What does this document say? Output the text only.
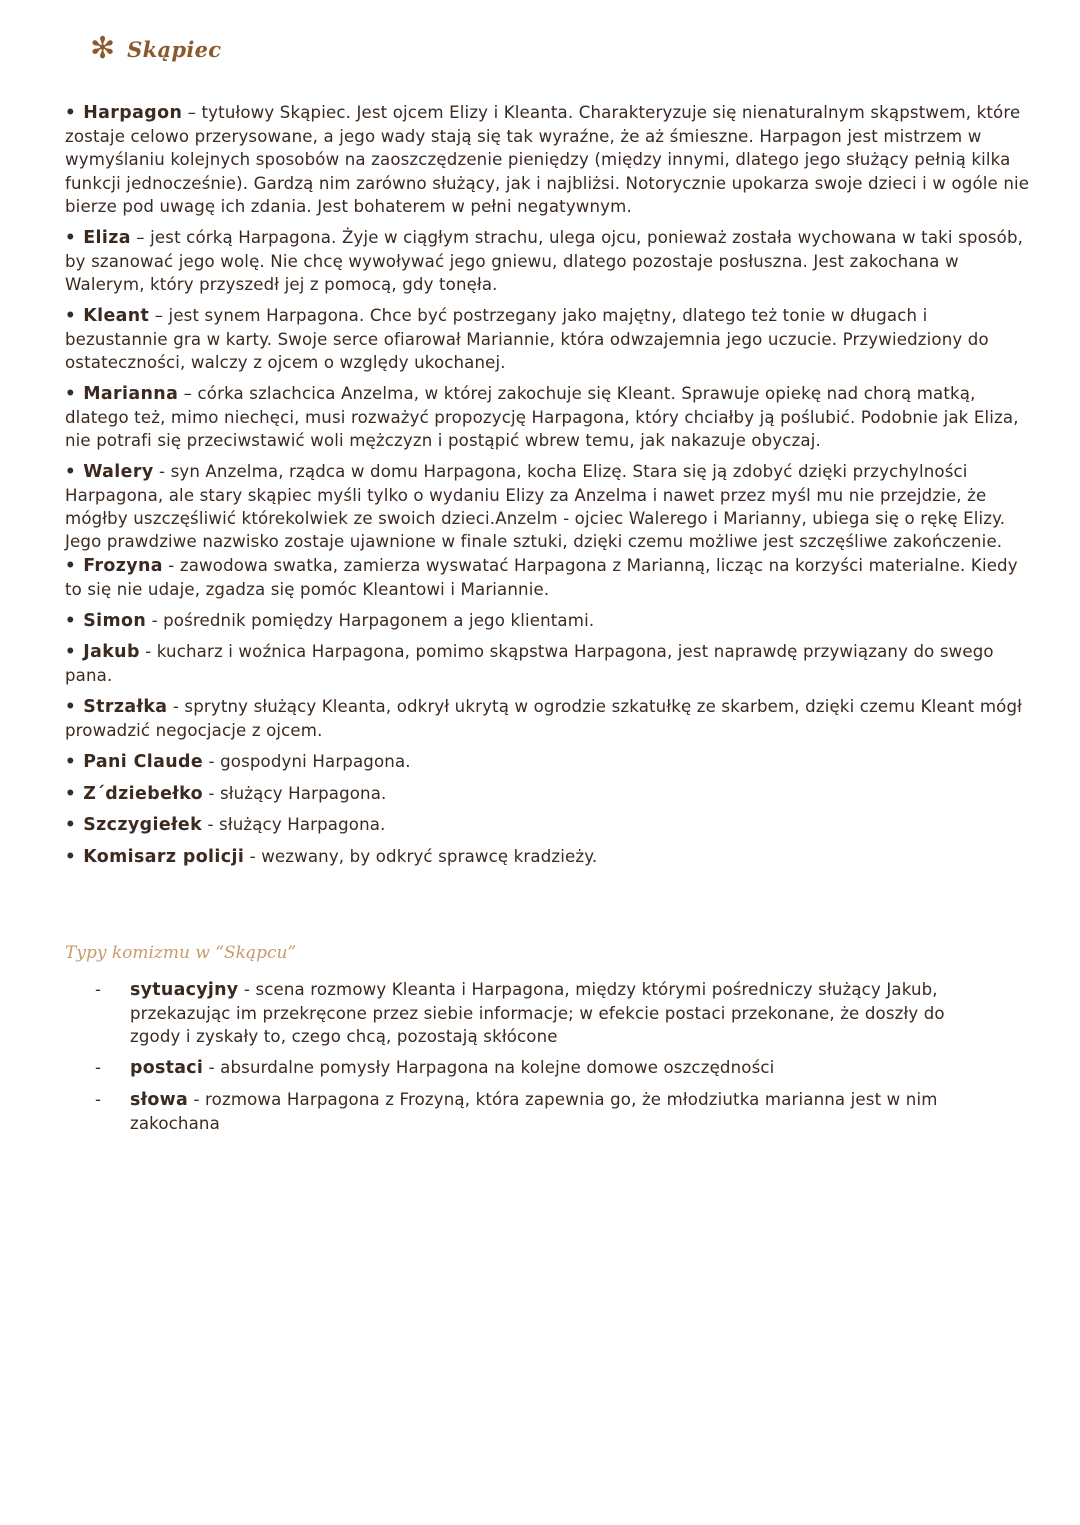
✻ Skąpiec

• Harpagon – tytułowy Skąpiec. Jest ojcem Elizy i Kleanta. Charakteryzuje się nienaturalnym skąpstwem, które zostaje celowo przerysowane, a jego wady stają się tak wyraźne, że aż śmieszne. Harpagon jest mistrzem w wymyślaniu kolejnych sposobów na zaoszczędzenie pieniędzy (między innymi, dlatego jego służący pełnią kilka funkcji jednocześnie). Gardzą nim zarówno służący, jak i najbliżsi. Notorycznie upokarza swoje dzieci i w ogóle nie bierze pod uwagę ich zdania. Jest bohaterem w pełni negatywnym.

• Eliza – jest córką Harpagona. Żyje w ciągłym strachu, ulega ojcu, ponieważ została wychowana w taki sposób, by szanować jego wolę. Nie chcę wywoływać jego gniewu, dlatego pozostaje posłuszna. Jest zakochana w Walerym, który przyszedł jej z pomocą, gdy tonęła.

• Kleant – jest synem Harpagona. Chce być postrzegany jako majętny, dlatego też tonie w długach i bezustannie gra w karty. Swoje serce ofiarował Mariannie, która odwzajemnia jego uczucie. Przywiedziony do ostateczności, walczy z ojcem o względy ukochanej.

• Marianna – córka szlachcica Anzelma, w której zakochuje się Kleant. Sprawuje opiekę nad chorą matką, dlatego też, mimo niechęci, musi rozważyć propozycję Harpagona, który chciałby ją poślubić. Podobnie jak Eliza, nie potrafi się przeciwstawić woli mężczyzn i postąpić wbrew temu, jak nakazuje obyczaj.

• Walery - syn Anzelma, rządca w domu Harpagona, kocha Elizę. Stara się ją zdobyć dzięki przychylności Harpagona, ale stary skąpiec myśli tylko o wydaniu Elizy za Anzelma i nawet przez myśl mu nie przejdzie, że mógłby uszczęśliwić którekolwiek ze swoich dzieci.Anzelm - ojciec Walerego i Marianny, ubiega się o rękę Elizy. Jego prawdziwe nazwisko zostaje ujawnione w finale sztuki, dzięki czemu możliwe jest szczęśliwe zakończenie.

• Frozyna - zawodowa swatka, zamierza wyswatać Harpagona z Marianną, licząc na korzyści materialne. Kiedy to się nie udaje, zgadza się pomóc Kleantowi i Mariannie.

• Simon - pośrednik pomiędzy Harpagonem a jego klientami.

• Jakub - kucharz i woźnica Harpagona, pomimo skąpstwa Harpagona, jest naprawdę przywiązany do swego pana.

• Strzałka - sprytny służący Kleanta, odkrył ukrytą w ogrodzie szkatułkę ze skarbem, dzięki czemu Kleant mógł prowadzić negocjacje z ojcem.

• Pani Claude - gospodyni Harpagona.

• Z´dziebełko - służący Harpagona.

• Szczygiełek - służący Harpagona.

• Komisarz policji - wezwany, by odkryć sprawcę kradzieży.

Typy komizmu w “Skąpcu”
- sytuacyjny - scena rozmowy Kleanta i Harpagona, między którymi pośredniczy służący Jakub, przekazując im przekręcone przez siebie informacje; w efekcie postaci przekonane, że doszły do zgody i zyskały to, czego chcą, pozostają skłócone
- postaci - absurdalne pomysły Harpagona na kolejne domowe oszczędności
- słowa - rozmowa Harpagona z Frozyną, która zapewnia go, że młodziutka marianna jest w nim zakochana
